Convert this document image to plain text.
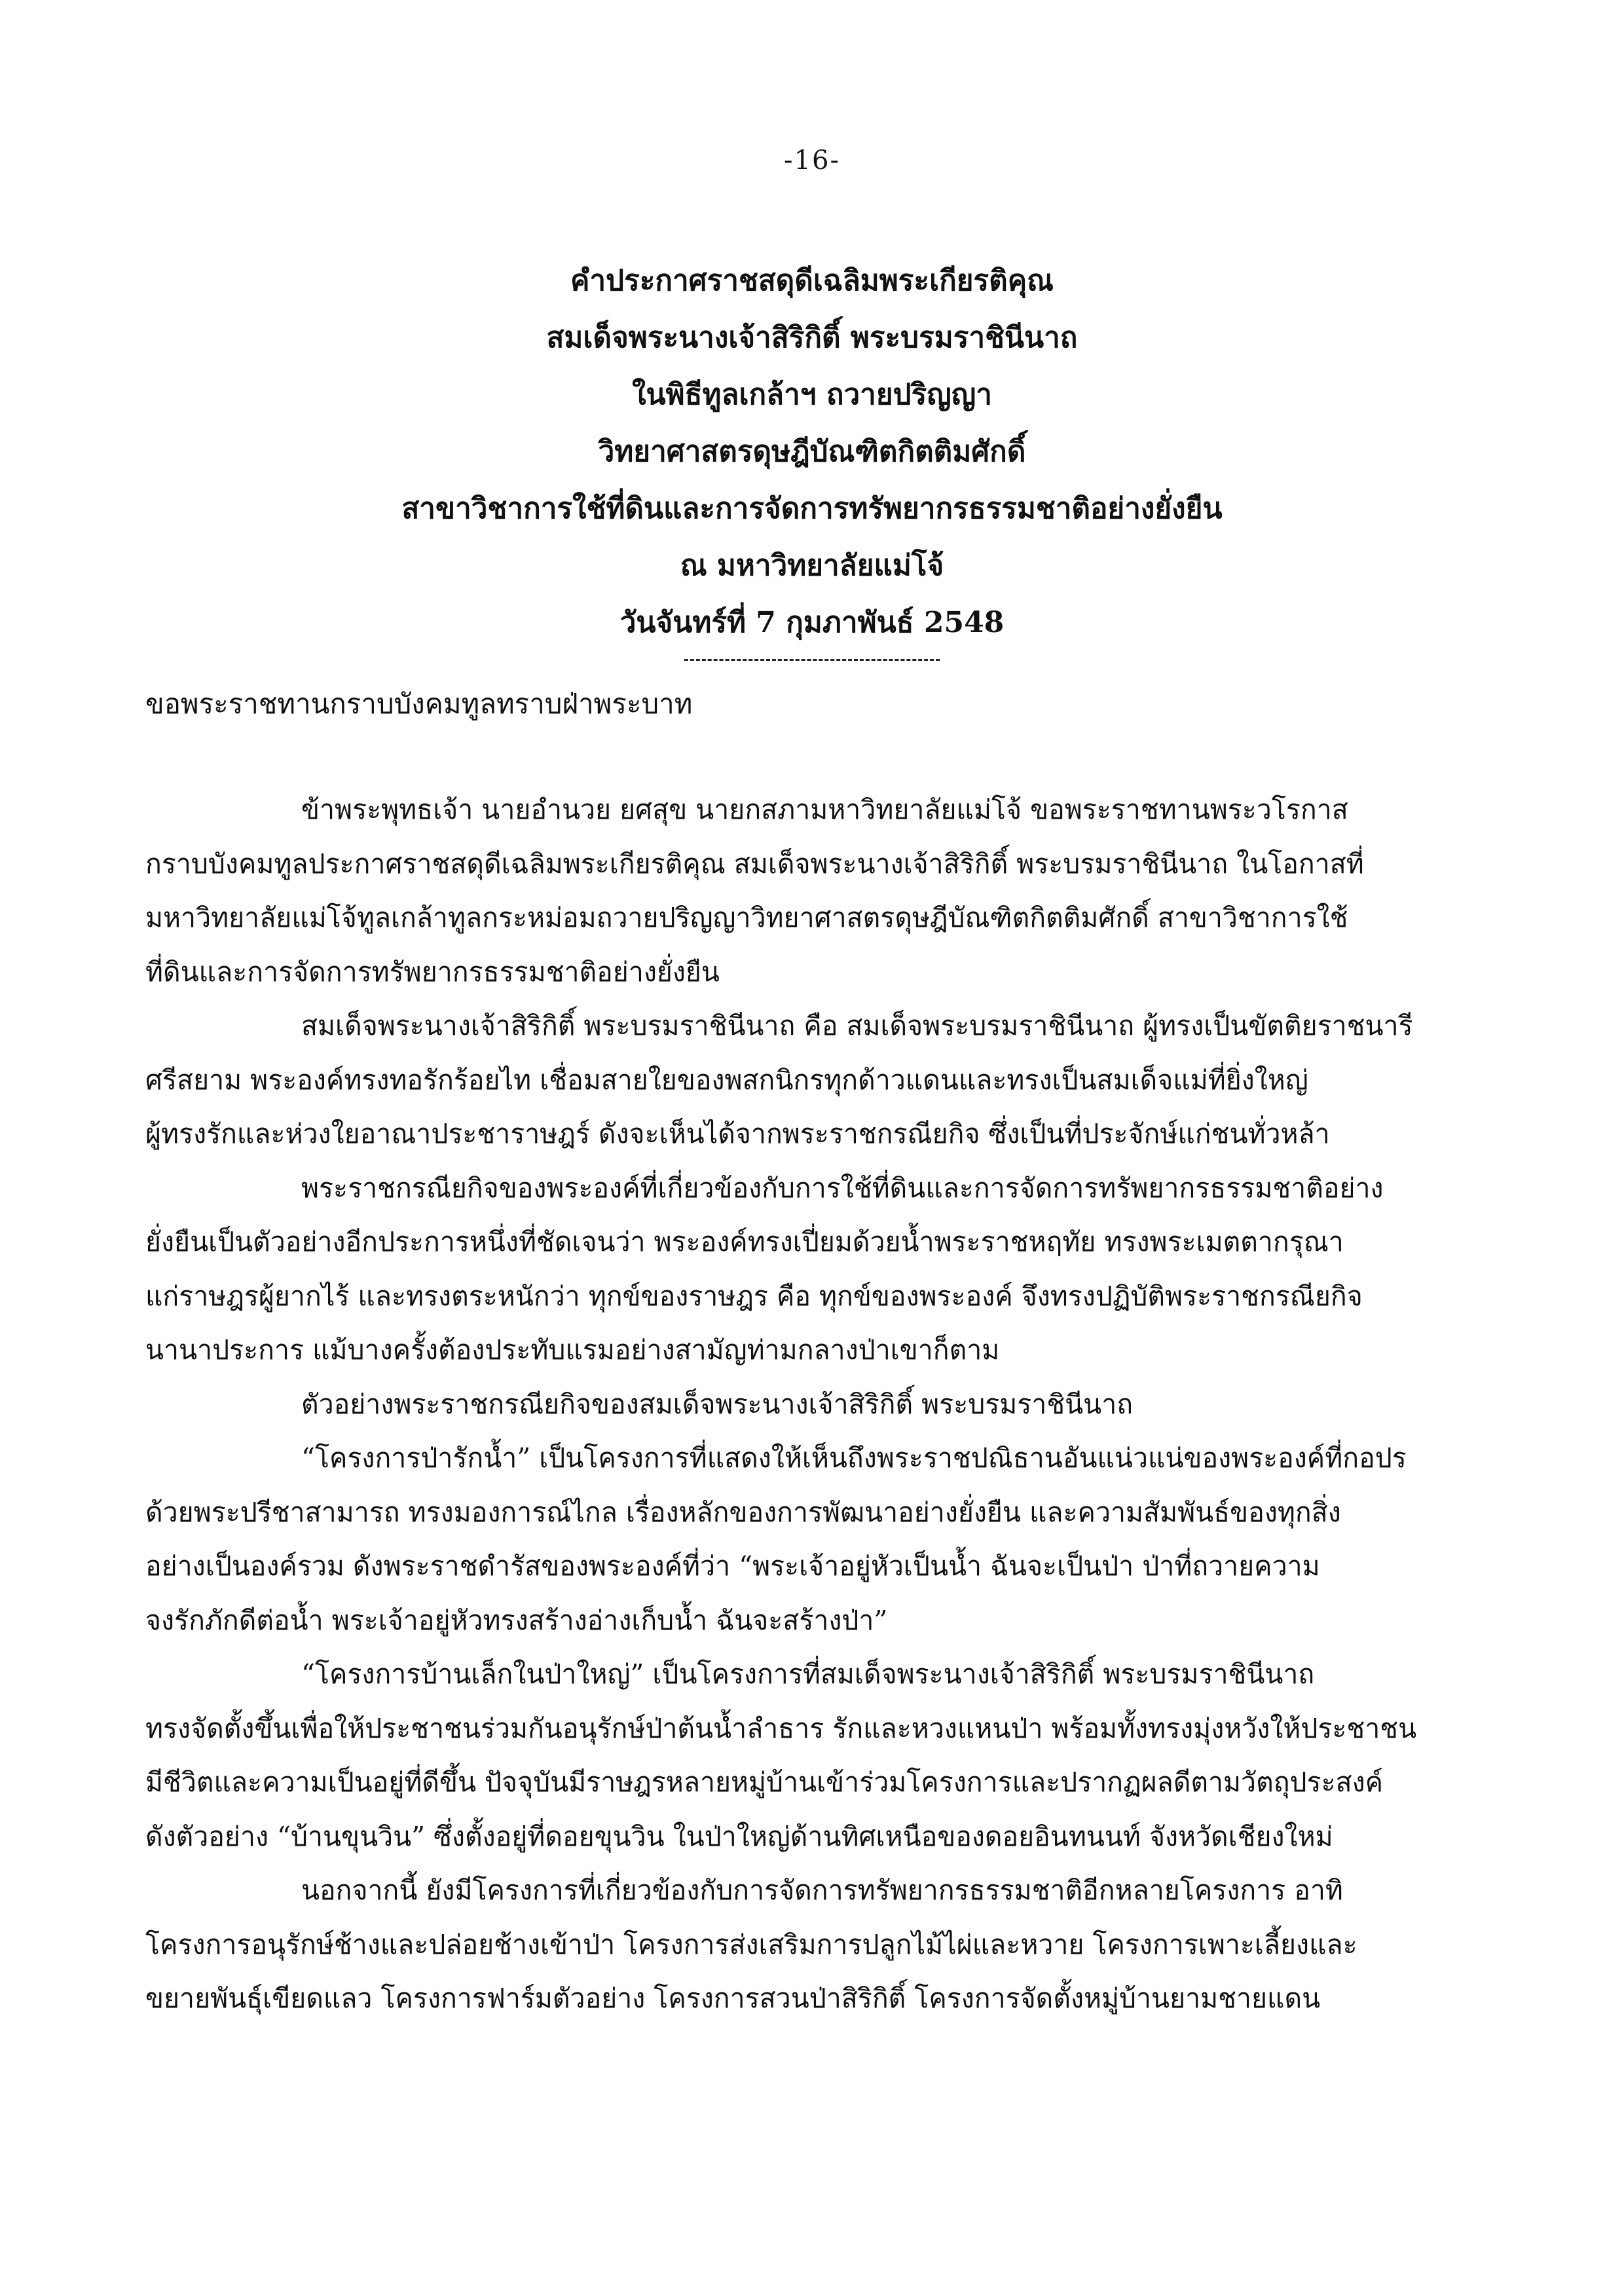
-16-
คำประกาศราชสดุดีเฉลิมพระเกียรติคุณ
สมเด็จพระนางเจ้าสิริกิติ์ พระบรมราชินีนาถ
ในพิธีทูลเกล้าฯ ถวายปริญญา
วิทยาศาสตรดุษฎีบัณฑิตกิตติมศักดิ์
สาขาวิชาการใช้ที่ดินและการจัดการทรัพยากรธรรมชาติอย่างยั่งยืน
ณ มหาวิทยาลัยแม่โจ้
วันจันทร์ที่ 7 กุมภาพันธ์ 2548
ขอพระราชทานกราบบังคมทูลทราบฝ่าพระบาท
ข้าพระพุทธเจ้า นายอำนวย ยศสุข นายกสภามหาวิทยาลัยแม่โจ้ ขอพระราชทานพระวโรกาส
กราบบังคมทูลประกาศราชสดุดีเฉลิมพระเกียรติคุณ สมเด็จพระนางเจ้าสิริกิติ์ พระบรมราชินีนาถ ในโอกาสที่
มหาวิทยาลัยแม่โจ้ทูลเกล้าทูลกระหม่อมถวายปริญญาวิทยาศาสตรดุษฎีบัณฑิตกิตติมศักดิ์ สาขาวิชาการใช้
ที่ดินและการจัดการทรัพยากรธรรมชาติอย่างยั่งยืน
สมเด็จพระนางเจ้าสิริกิติ์ พระบรมราชินีนาถ คือ สมเด็จพระบรมราชินีนาถ ผู้ทรงเป็นขัตติยราชนารี
ศรีสยาม พระองค์ทรงทอรักร้อยไท เชื่อมสายใยของพสกนิกรทุกด้าวแดนและทรงเป็นสมเด็จแม่ที่ยิ่งใหญ่
ผู้ทรงรักและห่วงใยอาณาประชาราษฎร์ ดังจะเห็นได้จากพระราชกรณียกิจ ซึ่งเป็นที่ประจักษ์แก่ชนทั่วหล้า
พระราชกรณียกิจของพระองค์ที่เกี่ยวข้องกับการใช้ที่ดินและการจัดการทรัพยากรธรรมชาติอย่าง
ยั่งยืนเป็นตัวอย่างอีกประการหนึ่งที่ชัดเจนว่า พระองค์ทรงเปี่ยมด้วยน้ำพระราชหฤทัย ทรงพระเมตตากรุณา
แก่ราษฎรผู้ยากไร้ และทรงตระหนักว่า ทุกข์ของราษฎร คือ ทุกข์ของพระองค์ จึงทรงปฏิบัติพระราชกรณียกิจ
นานาประการ แม้บางครั้งต้องประทับแรมอย่างสามัญท่ามกลางป่าเขาก็ตาม
ตัวอย่างพระราชกรณียกิจของสมเด็จพระนางเจ้าสิริกิติ์ พระบรมราชินีนาถ
“โครงการป่ารักน้ำ” เป็นโครงการที่แสดงให้เห็นถึงพระราชปณิธานอันแน่วแน่ของพระองค์ที่กอปร
ด้วยพระปรีชาสามารถ ทรงมองการณ์ไกล เรื่องหลักของการพัฒนาอย่างยั่งยืน และความสัมพันธ์ของทุกสิ่ง
อย่างเป็นองค์รวม ดังพระราชดำรัสของพระองค์ที่ว่า “พระเจ้าอยู่หัวเป็นน้ำ ฉันจะเป็นป่า ป่าที่ถวายความ
จงรักภักดีต่อน้ำ พระเจ้าอยู่หัวทรงสร้างอ่างเก็บน้ำ ฉันจะสร้างป่า”
“โครงการบ้านเล็กในป่าใหญ่” เป็นโครงการที่สมเด็จพระนางเจ้าสิริกิติ์ พระบรมราชินีนาถ
ทรงจัดตั้งขึ้นเพื่อให้ประชาชนร่วมกันอนุรักษ์ป่าต้นน้ำลำธาร รักและหวงแหนป่า พร้อมทั้งทรงมุ่งหวังให้ประชาชน
มีชีวิตและความเป็นอยู่ที่ดีขึ้น ปัจจุบันมีราษฎรหลายหมู่บ้านเข้าร่วมโครงการและปรากฏผลดีตามวัตถุประสงค์
ดังตัวอย่าง “บ้านขุนวิน” ซึ่งตั้งอยู่ที่ดอยขุนวิน ในป่าใหญ่ด้านทิศเหนือของดอยอินทนนท์ จังหวัดเชียงใหม่
นอกจากนี้ ยังมีโครงการที่เกี่ยวข้องกับการจัดการทรัพยากรธรรมชาติอีกหลายโครงการ อาทิ
โครงการอนุรักษ์ช้างและปล่อยช้างเข้าป่า โครงการส่งเสริมการปลูกไม้ไผ่และหวาย โครงการเพาะเลี้ยงและ
ขยายพันธุ์เขียดแลว โครงการฟาร์มตัวอย่าง โครงการสวนป่าสิริกิติ์ โครงการจัดตั้งหมู่บ้านยามชายแดน
